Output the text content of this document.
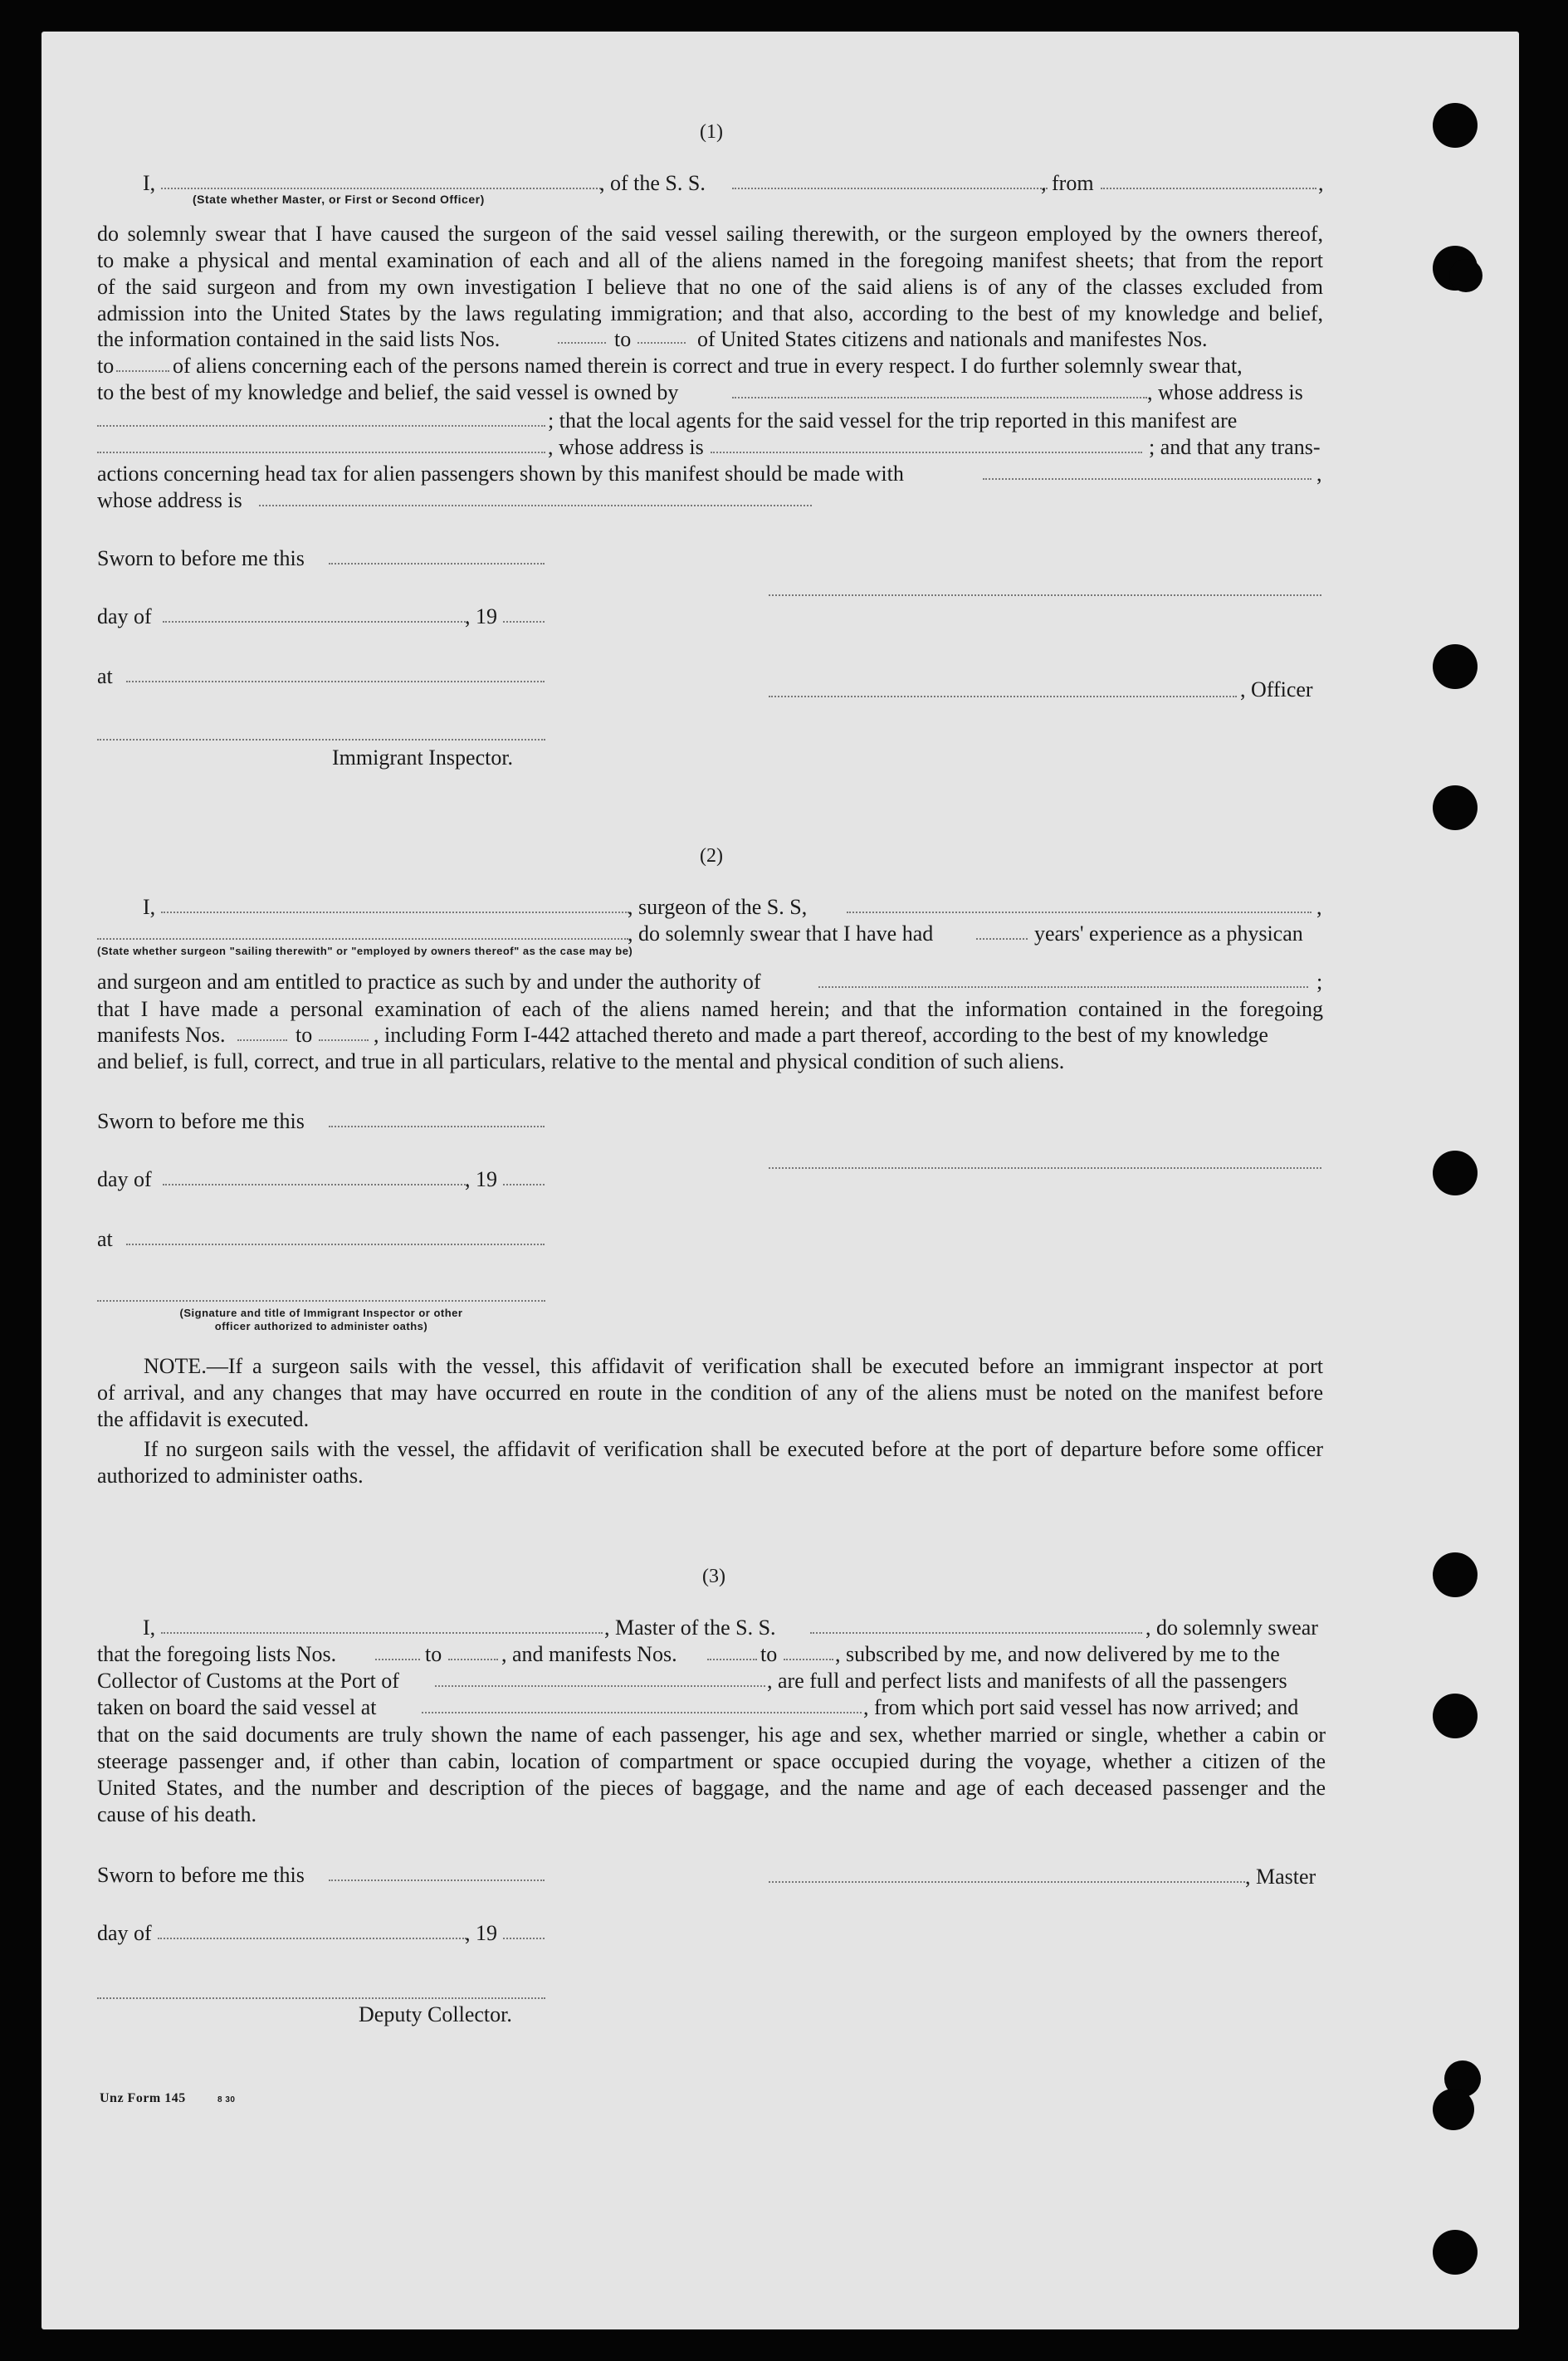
(1)
I,	, of the S. S.	, from	,
(State whether Master, or First or Second Officer)
do solemnly swear that I have caused the surgeon of the said vessel sailing therewith, or the surgeon employed by the owners thereof,
to make a physical and mental examination of each and all of the aliens named in the foregoing manifest sheets; that from the report
of the said surgeon and from my own investigation I believe that no one of the said aliens is of any of the classes excluded from
admission into the United States by the laws regulating immigration; and that also, according to the best of my knowledge and belief,
the information contained in the said lists Nos.	to	of United States citizens and nationals and manifestes Nos.
to	of aliens concerning each of the persons named therein is correct and true in every respect. I do further solemnly swear that,
to the best of my knowledge and belief, the said vessel is owned by	, whose address is
; that the local agents for the said vessel for the trip reported in this manifest are
, whose address is	; and that any trans-
actions concerning head tax for alien passengers shown by this manifest should be made with	,
whose address is
Sworn to before me this
day of	, 19
at
, Officer
Immigrant Inspector.
(2)
I,	, surgeon of the S. S,	,
, do solemnly swear that I have had	years' experience as a physican
(State whether surgeon "sailing therewith" or "employed by owners thereof" as the case may be)
and surgeon and am entitled to practice as such by and under the authority of	;
that I have made a personal examination of each of the aliens named herein; and that the information contained in the foregoing
manifests Nos.	to	, including Form I-442 attached thereto and made a part thereof, according to the best of my knowledge
and belief, is full, correct, and true in all particulars, relative to the mental and physical condition of such aliens.
Sworn to before me this
day of	, 19
at
(Signature and title of Immigrant Inspector or other
officer authorized to administer oaths)
NOTE.—If a surgeon sails with the vessel, this affidavit of verification shall be executed before an immigrant inspector at port
of arrival, and any changes that may have occurred en route in the condition of any of the aliens must be noted on the manifest before
the affidavit is executed.
If no surgeon sails with the vessel, the affidavit of verification shall be executed before at the port of departure before some officer
authorized to administer oaths.
(3)
I,	, Master of the S. S.	, do solemnly swear
that the foregoing lists Nos.	to	, and manifests Nos.	to	, subscribed by me, and now delivered by me to the
Collector of Customs at the Port of	, are full and perfect lists and manifests of all the passengers
taken on board the said vessel at	, from which port said vessel has now arrived; and
that on the said documents are truly shown the name of each passenger, his age and sex, whether married or single, whether a cabin or
steerage passenger and, if other than cabin, location of compartment or space occupied during the voyage, whether a citizen of the
United States, and the number and description of the pieces of baggage, and the name and age of each deceased passenger and the
cause of his death.
Sworn to before me this	, Master
day of	, 19
Deputy Collector.
Unz Form 145	8 30
